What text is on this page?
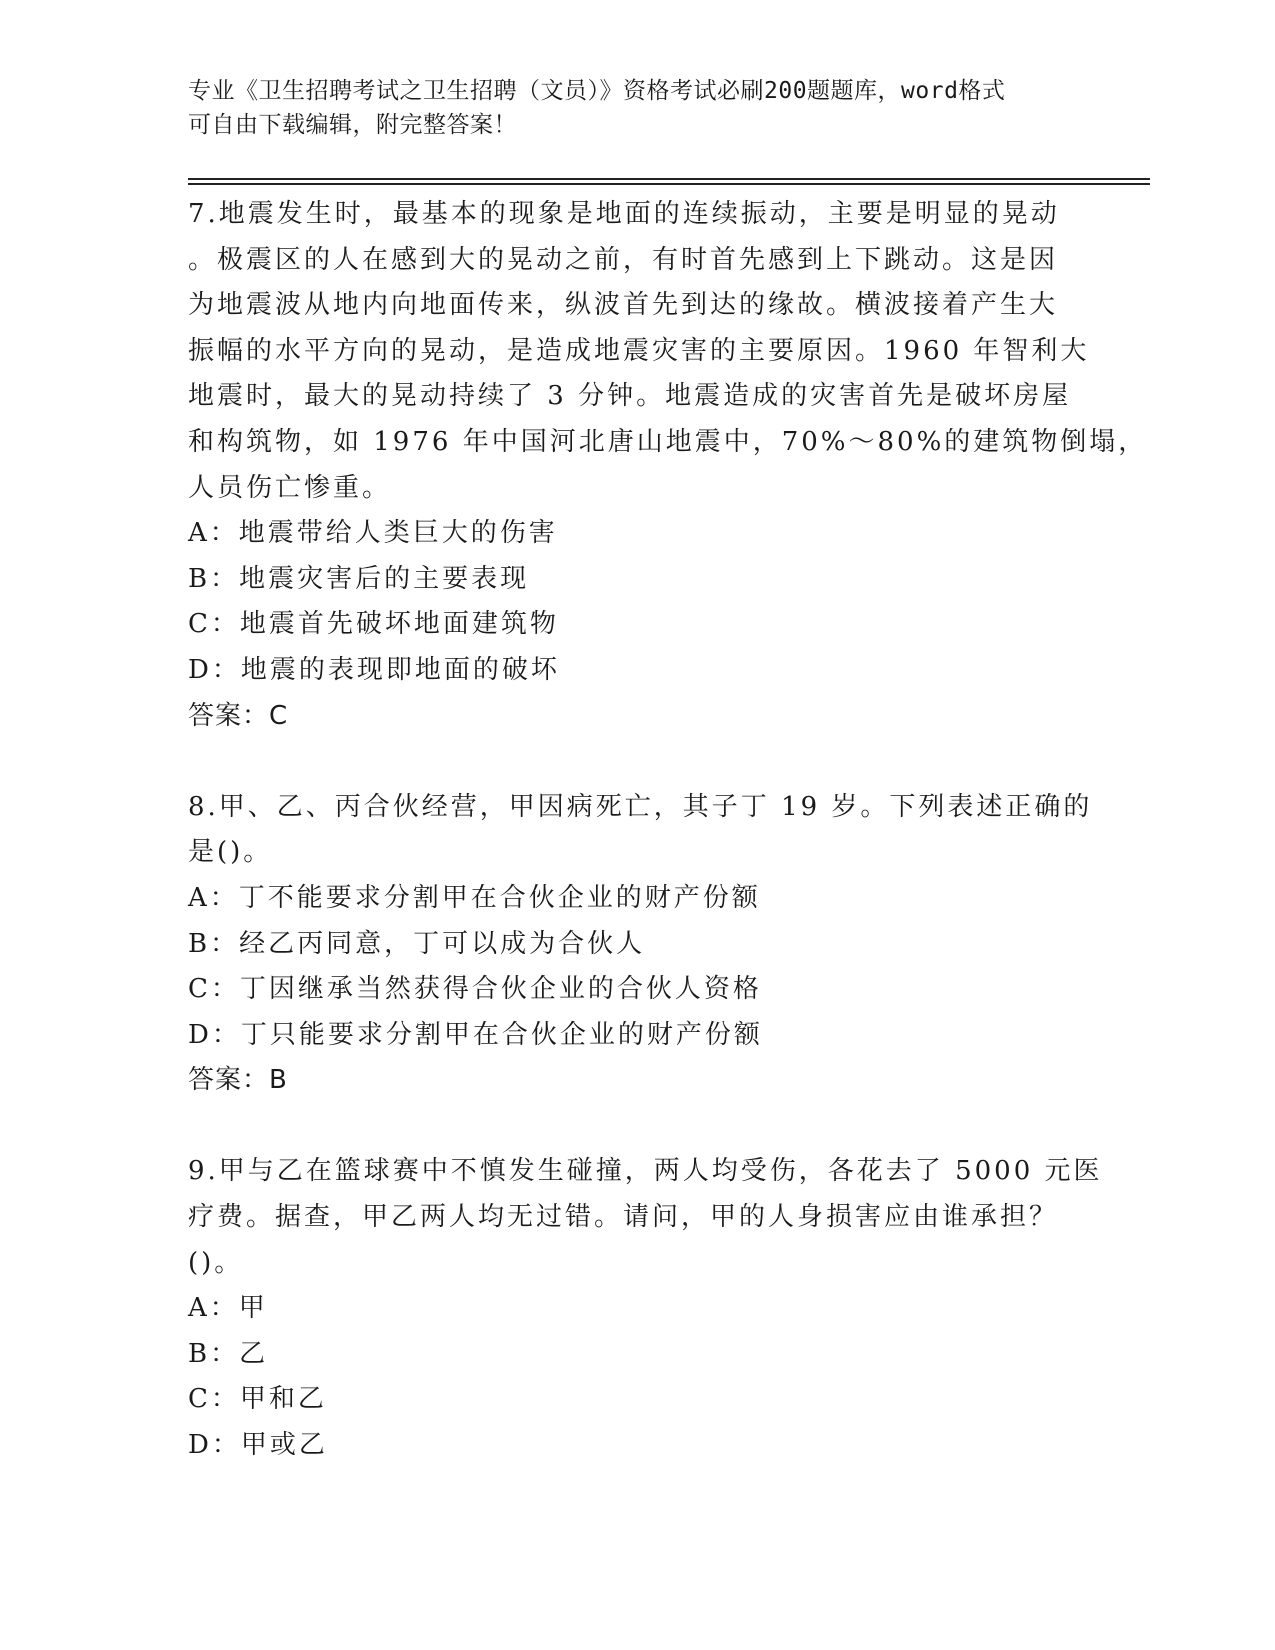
专业《卫生招聘考试之卫生招聘（文员）》资格考试必刷200题题库，word格式
可自由下载编辑，附完整答案！
7.地震发生时，最基本的现象是地面的连续振动，主要是明显的晃动
。极震区的人在感到大的晃动之前，有时首先感到上下跳动。这是因
为地震波从地内向地面传来，纵波首先到达的缘故。横波接着产生大
振幅的水平方向的晃动，是造成地震灾害的主要原因。1960 年智利大
地震时，最大的晃动持续了 3 分钟。地震造成的灾害首先是破坏房屋
和构筑物，如 1976 年中国河北唐山地震中，70%～80%的建筑物倒塌，
人员伤亡惨重。
A：地震带给人类巨大的伤害
B：地震灾害后的主要表现
C：地震首先破坏地面建筑物
D：地震的表现即地面的破坏
答案：C
8.甲、乙、丙合伙经营，甲因病死亡，其子丁 19 岁。下列表述正确的
是()。
A：丁不能要求分割甲在合伙企业的财产份额
B：经乙丙同意，丁可以成为合伙人
C：丁因继承当然获得合伙企业的合伙人资格
D：丁只能要求分割甲在合伙企业的财产份额
答案：B
9.甲与乙在篮球赛中不慎发生碰撞，两人均受伤，各花去了 5000 元医
疗费。据查，甲乙两人均无过错。请问，甲的人身损害应由谁承担？
()。
A：甲
B：乙
C：甲和乙
D：甲或乙
